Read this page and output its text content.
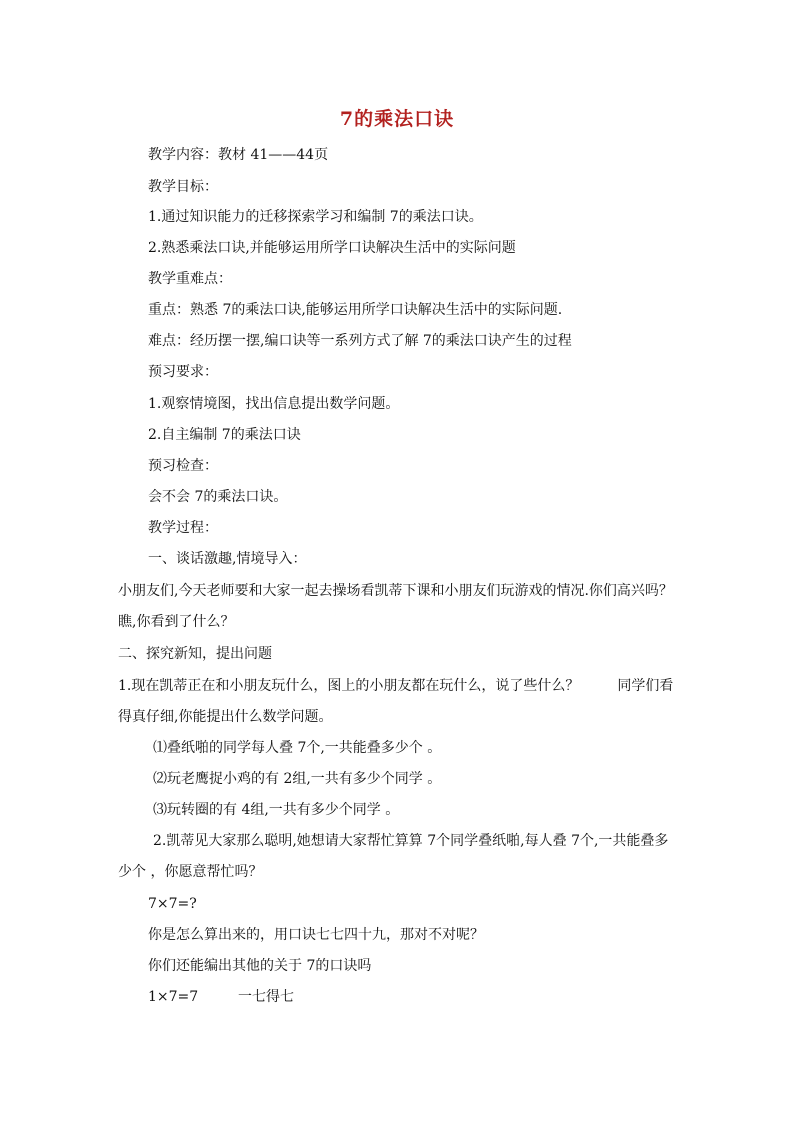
7的乘法口诀
教学内容：教材 41——44页
教学目标：
1.通过知识能力的迁移探索学习和编制 7的乘法口诀。
2.熟悉乘法口诀,并能够运用所学口诀解决生活中的实际问题
教学重难点：
重点：熟悉 7的乘法口诀,能够运用所学口诀解决生活中的实际问题.
难点：经历摆一摆,编口诀等一系列方式了解 7的乘法口诀产生的过程
预习要求：
1.观察情境图，找出信息提出数学问题。
2.自主编制 7的乘法口诀
预习检查：
会不会 7的乘法口诀。
教学过程：
一、谈话激趣,情境导入：
小朋友们,今天老师要和大家一起去操场看凯蒂下课和小朋友们玩游戏的情况.你们高兴吗？
瞧,你看到了什么？
二、探究新知，提出问题
1.现在凯蒂正在和小朋友玩什么，图上的小朋友都在玩什么，说了些什么？	同学们看
得真仔细,你能提出什么数学问题。
⑴叠纸啪的同学每人叠 7个,一共能叠多少个 。
⑵玩老鹰捉小鸡的有 2组,一共有多少个同学 。
⑶玩转圈的有 4组,一共有多少个同学 。
2.凯蒂见大家那么聪明,她想请大家帮忙算算 7个同学叠纸啪,每人叠 7个,一共能叠多
少个 ，你愿意帮忙吗？
7×7=?
你是怎么算出来的，用口诀七七四十九，那对不对呢？
你们还能编出其他的关于 7的口诀吗
1×7=7	一七得七
